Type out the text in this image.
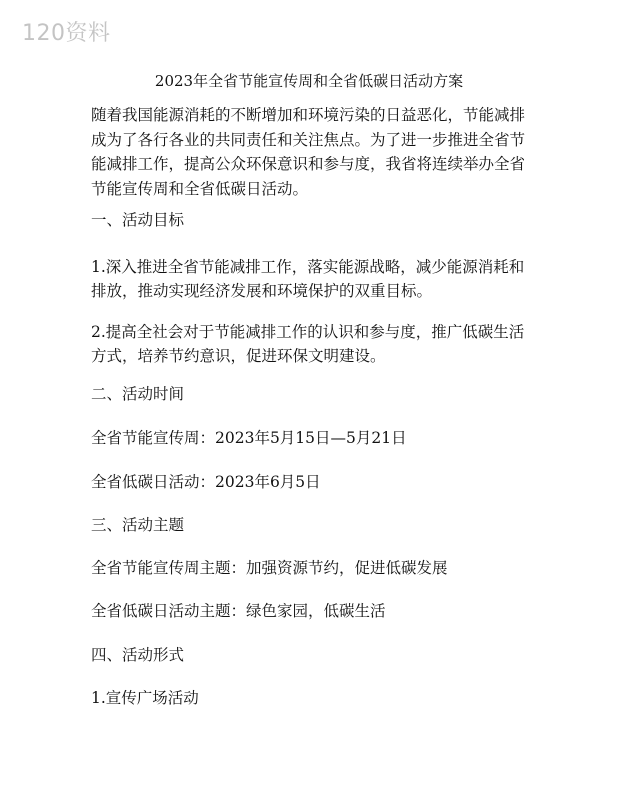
120资料
2023年全省节能宣传周和全省低碳日活动方案
随着我国能源消耗的不断增加和环境污染的日益恶化，节能减排成为了各行各业的共同责任和关注焦点。为了进一步推进全省节能减排工作，提高公众环保意识和参与度，我省将连续举办全省节能宣传周和全省低碳日活动。
一、活动目标
1.深入推进全省节能减排工作，落实能源战略，减少能源消耗和排放，推动实现经济发展和环境保护的双重目标。
2.提高全社会对于节能减排工作的认识和参与度，推广低碳生活方式，培养节约意识，促进环保文明建设。
二、活动时间
全省节能宣传周：2023年5月15日—5月21日
全省低碳日活动：2023年6月5日
三、活动主题
全省节能宣传周主题：加强资源节约，促进低碳发展
全省低碳日活动主题：绿色家园，低碳生活
四、活动形式
1.宣传广场活动
